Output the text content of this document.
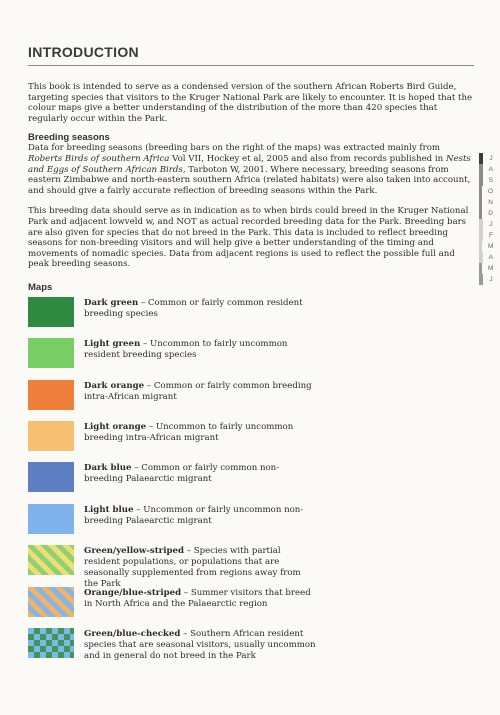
INTRODUCTION

This book is intended to serve as a condensed version of the southern African Roberts Bird Guide, targeting species that visitors to the Kruger National Park are likely to encounter. It is hoped that the colour maps give a better understanding of the distribution of the more than 420 species that regularly occur within the Park.

Breeding seasons

Data for breeding seasons (breeding bars on the right of the maps) was extracted mainly from Roberts Birds of southern Africa Vol VII, Hockey et al, 2005 and also from records published in Nests and Eggs of Southern African Birds, Tarboton W, 2001. Where necessary, breeding seasons from eastern Zimbabwe and north-eastern southern Africa (related habitats) were also taken into account, and should give a fairly accurate reflection of breeding seasons within the Park.

This breeding data should serve as in indication as to when birds could breed in the Kruger National Park and adjacent lowveld w, and NOT as actual recorded breeding data for the Park. Breeding bars are also given for species that do not breed in the Park. This data is included to reflect breeding seasons for non-breeding visitors and will help give a better understanding of the timing and movements of nomadic species. Data from adjacent regions is used to reflect the possible full and peak breeding seasons.

Maps
Dark green – Common or fairly common resident breeding species
Light green – Uncommon to fairly uncommon resident breeding species
Dark orange – Common or fairly common breeding intra-African migrant
Light orange – Uncommon to fairly uncommon breeding intra-African migrant
Dark blue – Common or fairly common non-breeding Palaearctic migrant
Light blue – Uncommon or fairly uncommon non-breeding Palaearctic migrant
Green/yellow-striped – Species with partial resident populations, or populations that are seasonally supplemented from regions away from the Park
Orange/blue-striped – Summer visitors that breed in North Africa and the Palaearctic region
Green/blue-checked – Southern African resident species that are seasonal visitors, usually uncommon and in general do not breed in the Park
J
A
S
O
N
D
J
F
M
A
M
J
